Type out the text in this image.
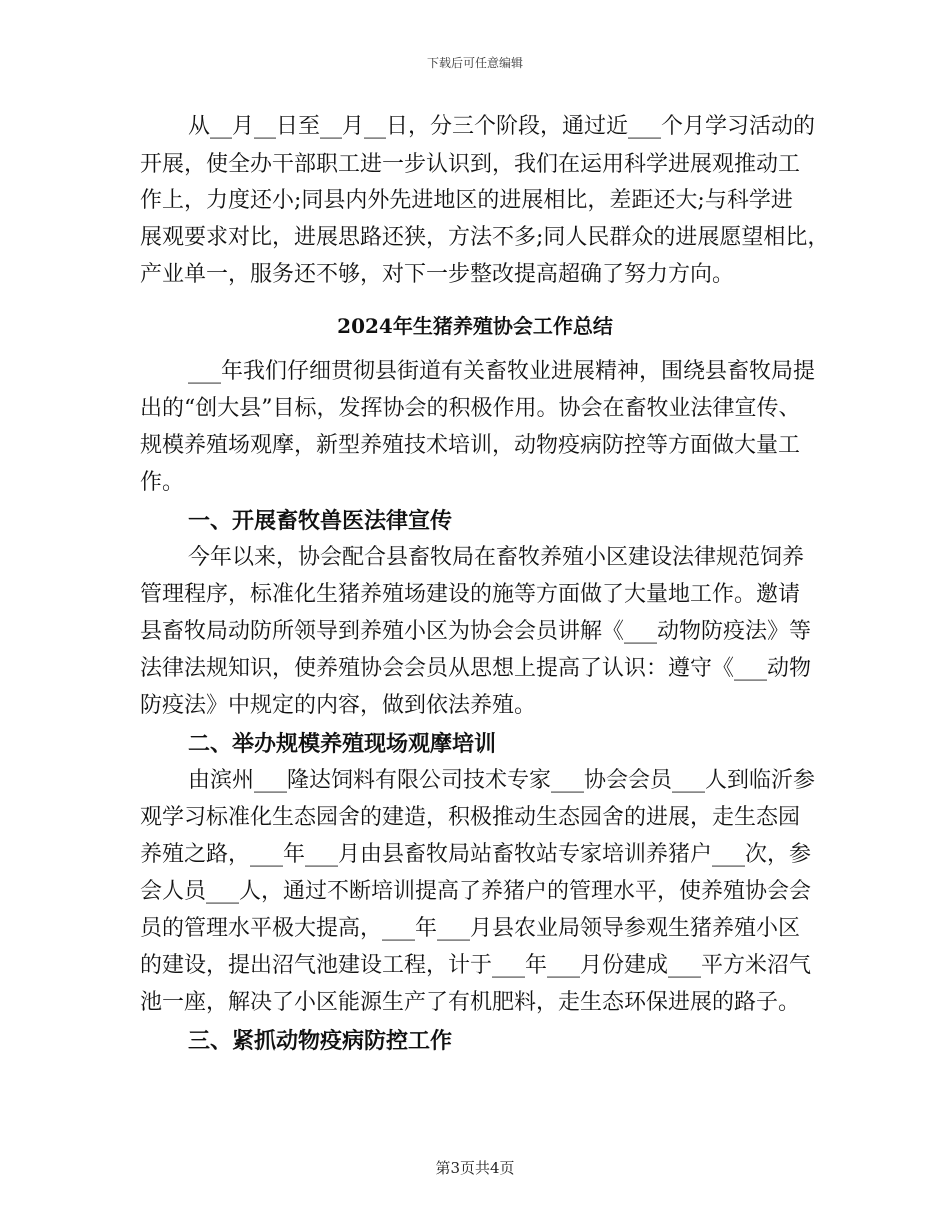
下载后可任意编辑
从__月__日至__月__日，分三个阶段，通过近___个月学习活动的
开展，使全办干部职工进一步认识到，我们在运用科学进展观推动工
作上，力度还小;同县内外先进地区的进展相比，差距还大;与科学进
展观要求对比，进展思路还狭，方法不多;同人民群众的进展愿望相比，
产业单一，服务还不够，对下一步整改提高超确了努力方向。
2024年生猪养殖协会工作总结
___年我们仔细贯彻县街道有关畜牧业进展精神，围绕县畜牧局提
出的“创大县”目标，发挥协会的积极作用。协会在畜牧业法律宣传、
规模养殖场观摩，新型养殖技术培训，动物疫病防控等方面做大量工
作。
一、开展畜牧兽医法律宣传
今年以来，协会配合县畜牧局在畜牧养殖小区建设法律规范饲养
管理程序，标准化生猪养殖场建设的施等方面做了大量地工作。邀请
县畜牧局动防所领导到养殖小区为协会会员讲解《___动物防疫法》等
法律法规知识，使养殖协会会员从思想上提高了认识：遵守《___动物
防疫法》中规定的内容，做到依法养殖。
二、举办规模养殖现场观摩培训
由滨州___隆达饲料有限公司技术专家___协会会员___人到临沂参
观学习标准化生态园舍的建造，积极推动生态园舍的进展，走生态园
养殖之路，___年___月由县畜牧局站畜牧站专家培训养猪户___次，参
会人员___人，通过不断培训提高了养猪户的管理水平，使养殖协会会
员的管理水平极大提高，___年___月县农业局领导参观生猪养殖小区
的建设，提出沼气池建设工程，计于___年___月份建成___平方米沼气
池一座，解决了小区能源生产了有机肥料，走生态环保进展的路子。
三、紧抓动物疫病防控工作
第3页共4页
